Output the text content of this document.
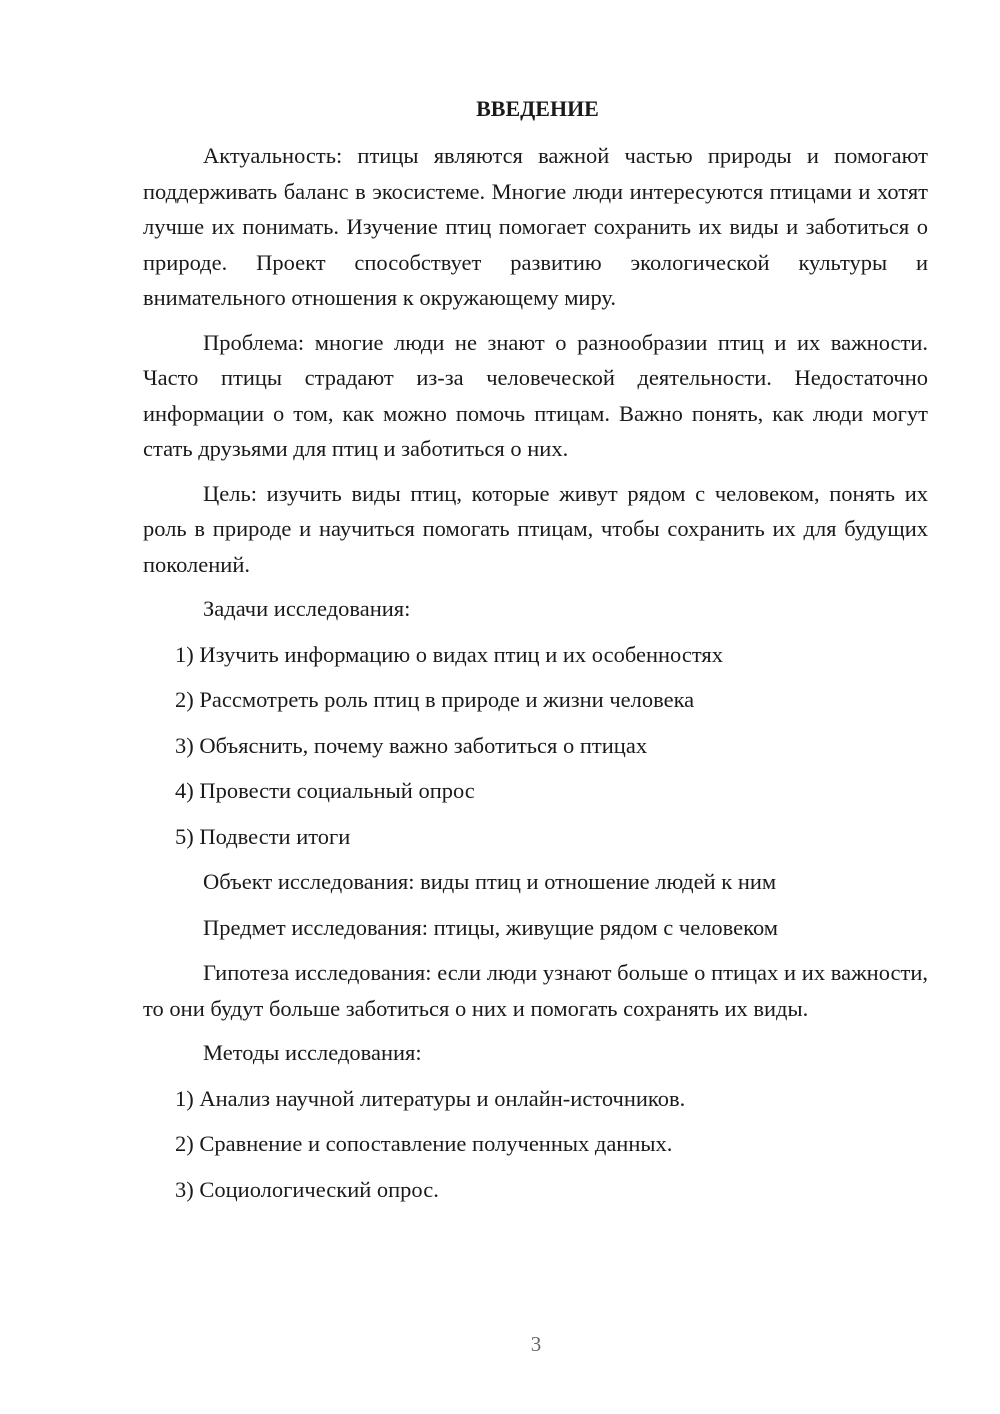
ВВЕДЕНИЕ

Актуальность: птицы являются важной частью природы и помогают поддерживать баланс в экосистеме. Многие люди интересуются птицами и хотят лучше их понимать. Изучение птиц помогает сохранить их виды и заботиться о природе. Проект способствует развитию экологической культуры и внимательного отношения к окружающему миру.

Проблема: многие люди не знают о разнообразии птиц и их важности. Часто птицы страдают из-за человеческой деятельности. Недостаточно информации о том, как можно помочь птицам. Важно понять, как люди могут стать друзьями для птиц и заботиться о них.

Цель: изучить виды птиц, которые живут рядом с человеком, понять их роль в природе и научиться помогать птицам, чтобы сохранить их для будущих поколений.

Задачи исследования:
1) Изучить информацию о видах птиц и их особенностях
2) Рассмотреть роль птиц в природе и жизни человека
3) Объяснить, почему важно заботиться о птицах
4) Провести социальный опрос
5) Подвести итоги
Объект исследования: виды птиц и отношение людей к ним
Предмет исследования: птицы, живущие рядом с человеком

Гипотеза исследования: если люди узнают больше о птицах и их важности, то они будут больше заботиться о них и помогать сохранять их виды.

Методы исследования:
1) Анализ научной литературы и онлайн-источников.
2) Сравнение и сопоставление полученных данных.
3) Социологический опрос.
3
